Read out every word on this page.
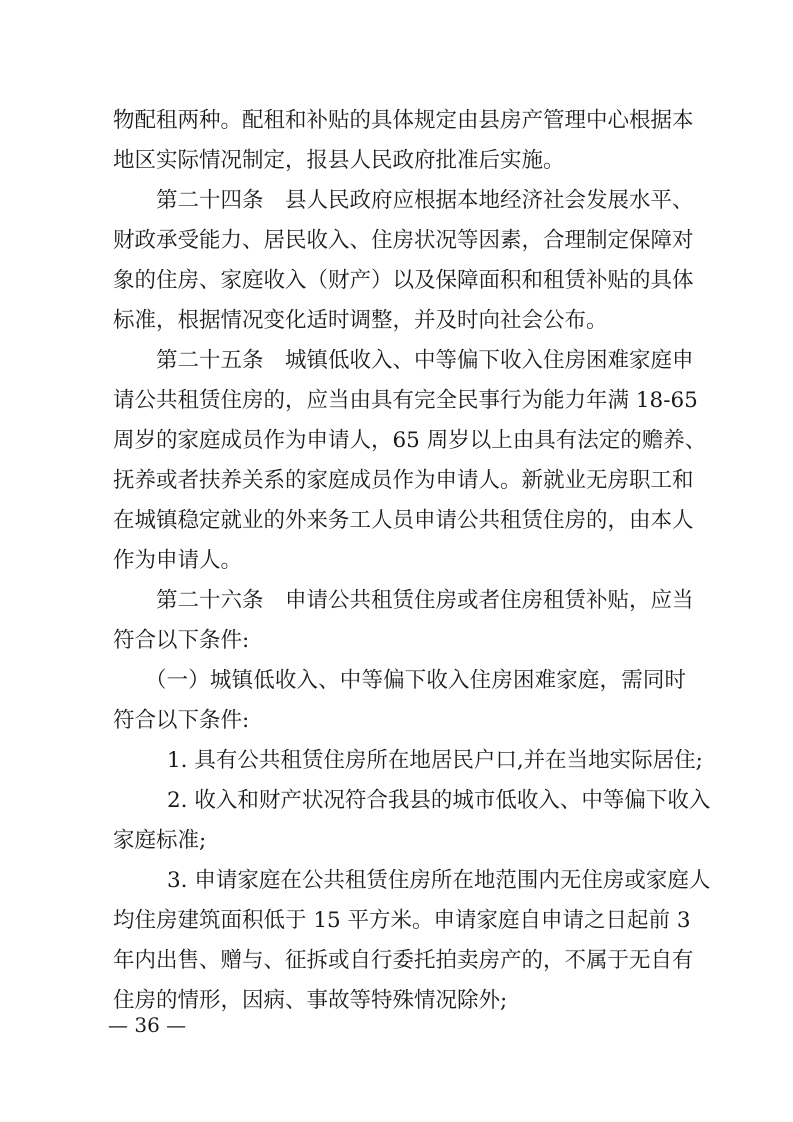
物配租两种。配租和补贴的具体规定由县房产管理中心根据本
地区实际情况制定，报县人民政府批准后实施。
第二十四条　县人民政府应根据本地经济社会发展水平、
财政承受能力、居民收入、住房状况等因素，合理制定保障对
象的住房、家庭收入（财产）以及保障面积和租赁补贴的具体
标准，根据情况变化适时调整，并及时向社会公布。
第二十五条　城镇低收入、中等偏下收入住房困难家庭申
请公共租赁住房的，应当由具有完全民事行为能力年满 18-65
周岁的家庭成员作为申请人，65 周岁以上由具有法定的赡养、
抚养或者扶养关系的家庭成员作为申请人。新就业无房职工和
在城镇稳定就业的外来务工人员申请公共租赁住房的，由本人
作为申请人。
第二十六条　申请公共租赁住房或者住房租赁补贴，应当
符合以下条件:
（一）城镇低收入、中等偏下收入住房困难家庭，需同时
符合以下条件:
1. 具有公共租赁住房所在地居民户口,并在当地实际居住;
2. 收入和财产状况符合我县的城市低收入、中等偏下收入
家庭标准;
3. 申请家庭在公共租赁住房所在地范围内无住房或家庭人
均住房建筑面积低于 15 平方米。申请家庭自申请之日起前 3
年内出售、赠与、征拆或自行委托拍卖房产的，不属于无自有
— 36 —
住房的情形，因病、事故等特殊情况除外;
